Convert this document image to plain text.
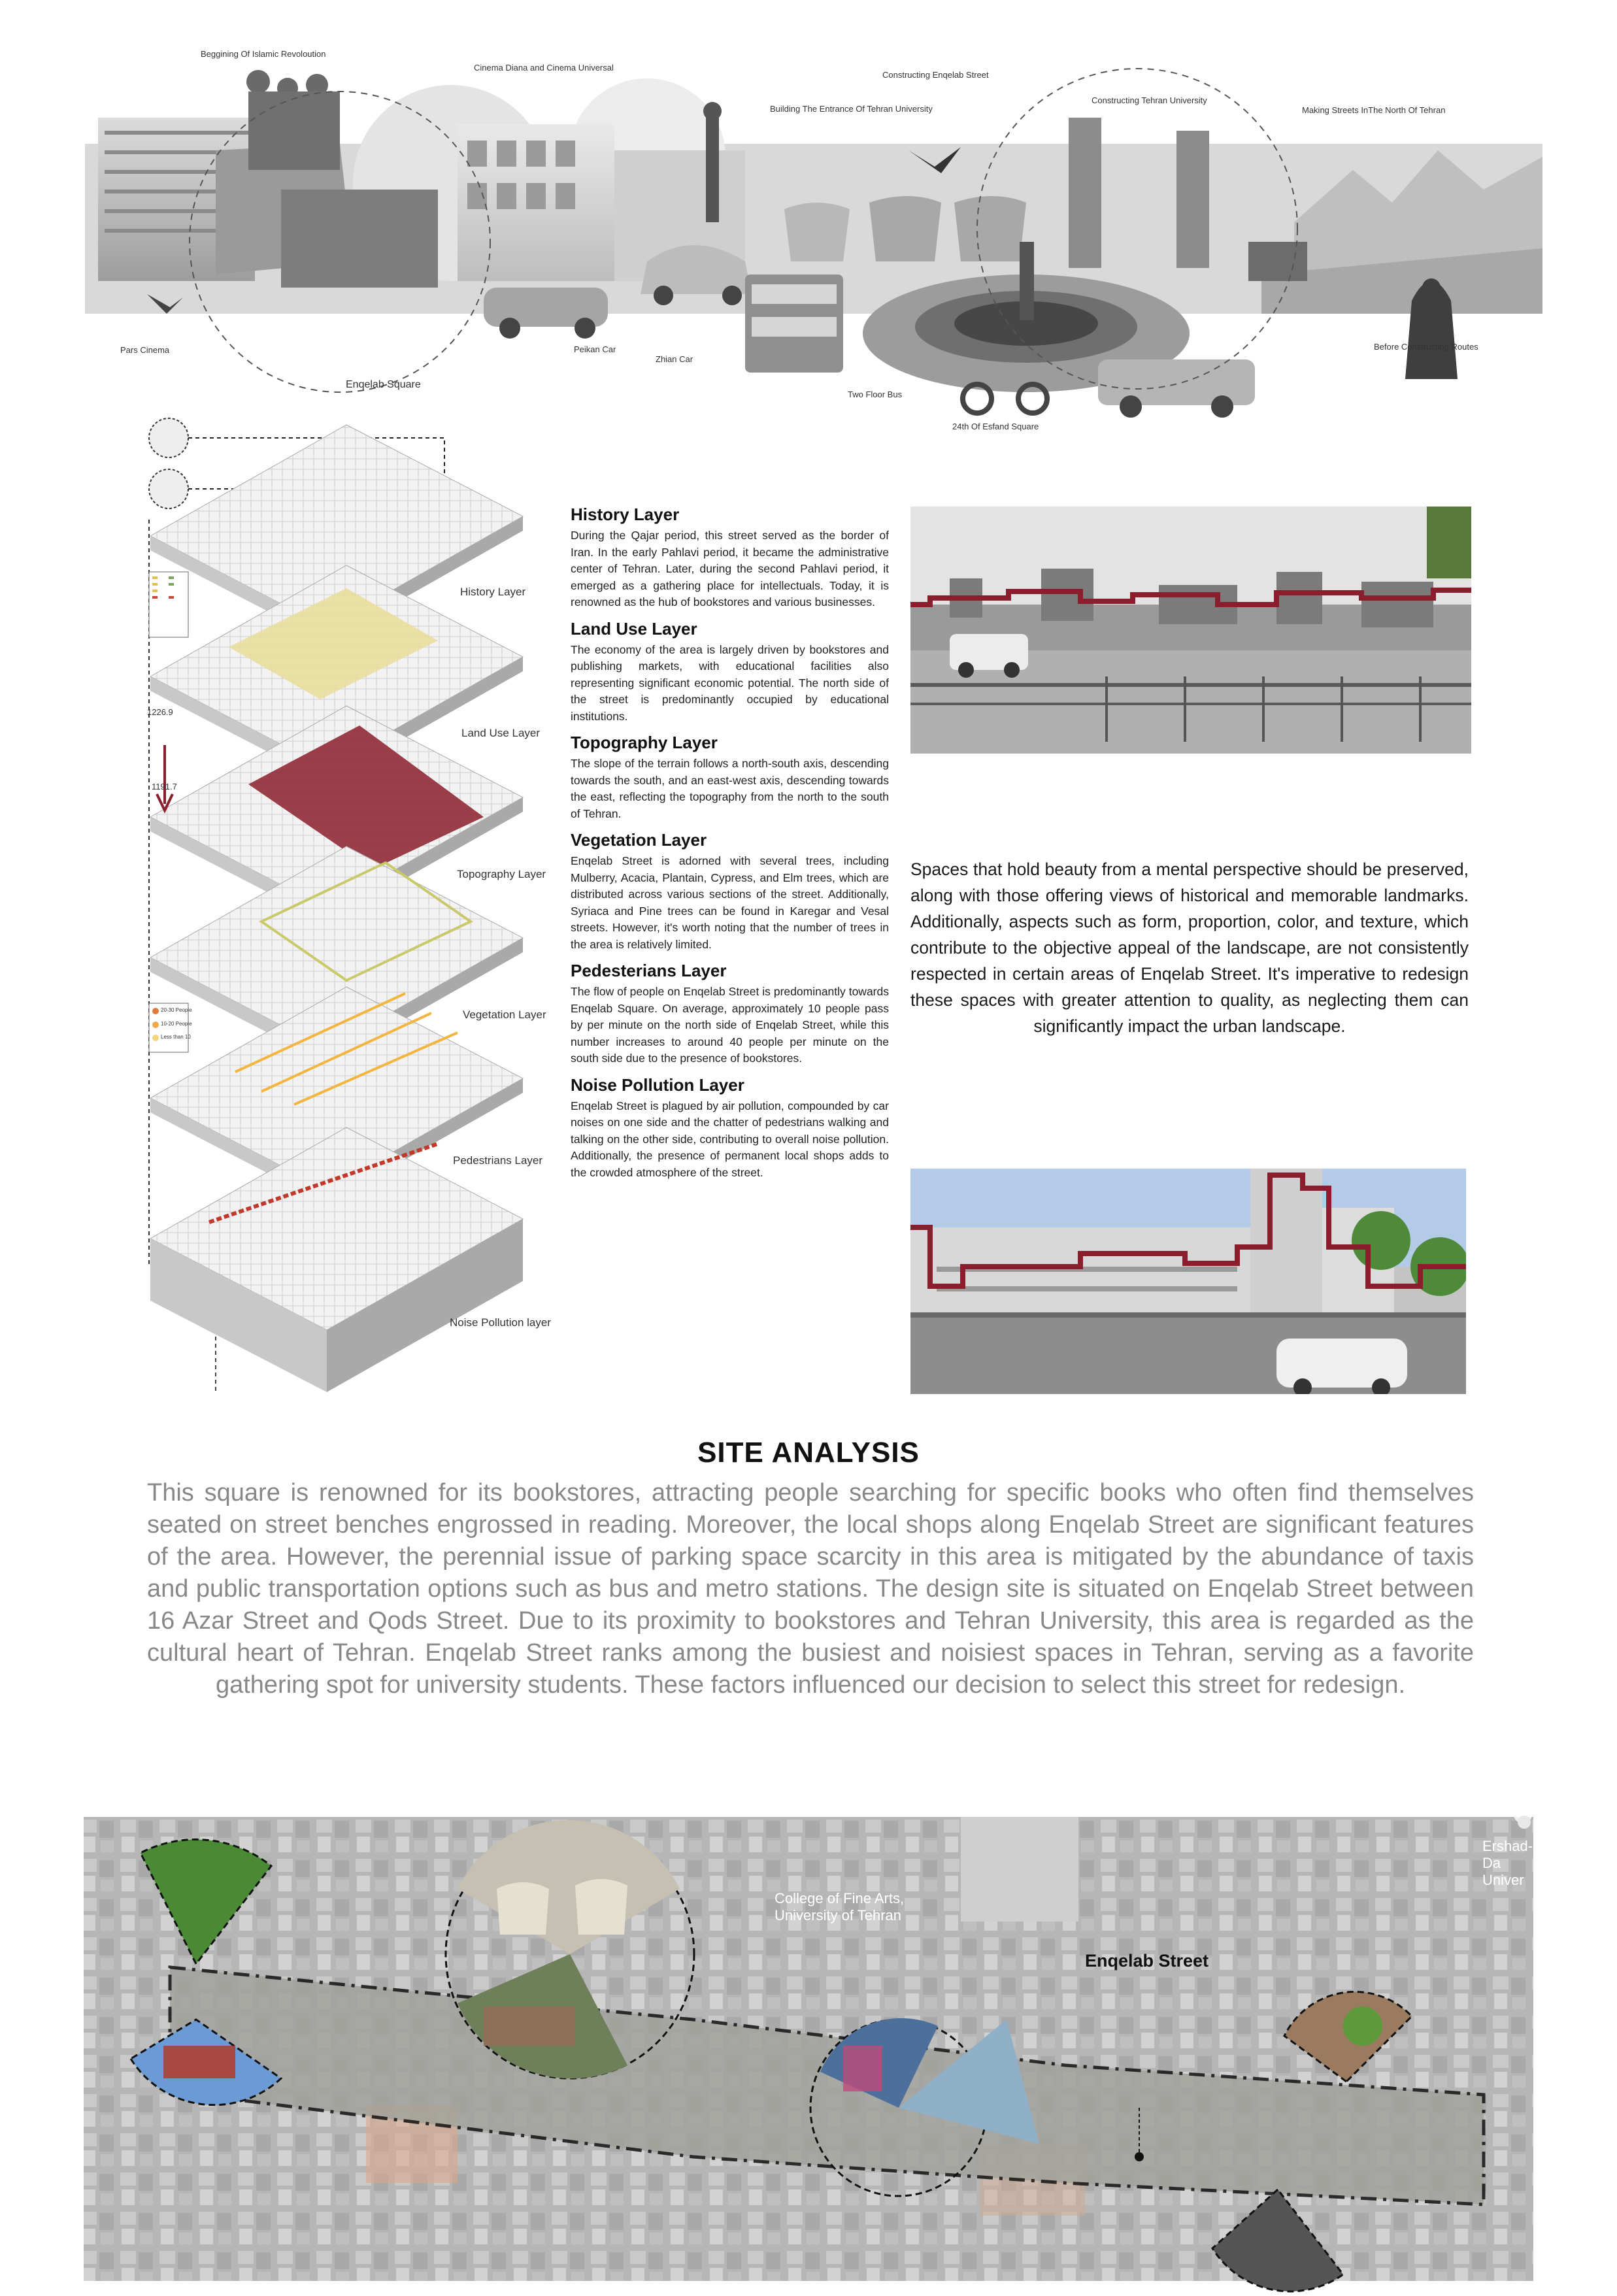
Beggining Of Islamic Revoloution
Cinema Diana and Cinema Universal
Constructing Enqelab Street
Building The Entrance Of Tehran University
Constructing Tehran University
Making Streets InThe North Of Tehran
Pars Cinema
Enqelab Square
Peikan Car
Zhian Car
Two Floor Bus
24th Of Esfand Square
Before Constructing Routes
1226.9
1191.7
20-30 People
10-20 People
Less than 10
History Layer
Land Use Layer
Topography Layer
Vegetation Layer
Pedestrians Layer
Noise Pollution layer
History Layer

During the Qajar period, this street served as the border of Iran. In the early Pahlavi period, it became the administrative center of Tehran. Later, during the second Pahlavi period, it emerged as a gathering place for intellectuals. Today, it is renowned as the hub of bookstores and various businesses.

Land Use Layer

The economy of the area is largely driven by bookstores and publishing markets, with educational facilities also representing significant economic potential. The north side of the street is predominantly occupied by educational institutions.

Topography Layer

The slope of the terrain follows a north-south axis, descending towards the south, and an east-west axis, descending towards the east, reflecting the topography from the north to the south of Tehran.

Vegetation Layer

Enqelab Street is adorned with several trees, including Mulberry, Acacia, Plantain, Cypress, and Elm trees, which are distributed across various sections of the street. Additionally, Syriaca and Pine trees can be found in Karegar and Vesal streets. However, it's worth noting that the number of trees in the area is relatively limited.

Pedesterians Layer

The flow of people on Enqelab Street is predominantly towards Enqelab Square. On average, approximately 10 people pass by per minute on the north side of Enqelab Street, while this number increases to around 40 people per minute on the south side due to the presence of bookstores.

Noise Pollution Layer

Enqelab Street is plagued by air pollution, compounded by car noises on one side and the chatter of pedestrians walking and talking on the other side, contributing to overall noise pollution. Additionally, the presence of permanent local shops adds to the crowded atmosphere of the street.

Spaces that hold beauty from a mental perspective should be preserved, along with those offering views of historical and memorable landmarks. Additionally, aspects such as form, proportion, color, and texture, which contribute to the objective appeal of the landscape, are not consistently respected in certain areas of Enqelab Street. It's imperative to redesign these spaces with greater attention to quality, as neglecting them can significantly impact the urban landscape.
SITE ANALYSIS
This square is renowned for its bookstores, attracting people searching for specific books who often find themselves seated on street benches engrossed in reading. Moreover, the local shops along Enqelab Street are significant features of the area. However, the perennial issue of parking space scarcity in this area is mitigated by the abundance of taxis and public transportation options such as bus and metro stations. The design site is situated on Enqelab Street between 16 Azar Street and Qods Street. Due to its proximity to bookstores and Tehran University, this area is regarded as the cultural heart of Tehran. Enqelab Street ranks among the busiest and noisiest spaces in Tehran, serving as a favorite gathering spot for university students. These factors influenced our decision to select this street for redesign.
Enqelab Street
College of Fine Arts, University of Tehran
Ershad-Da Univer
